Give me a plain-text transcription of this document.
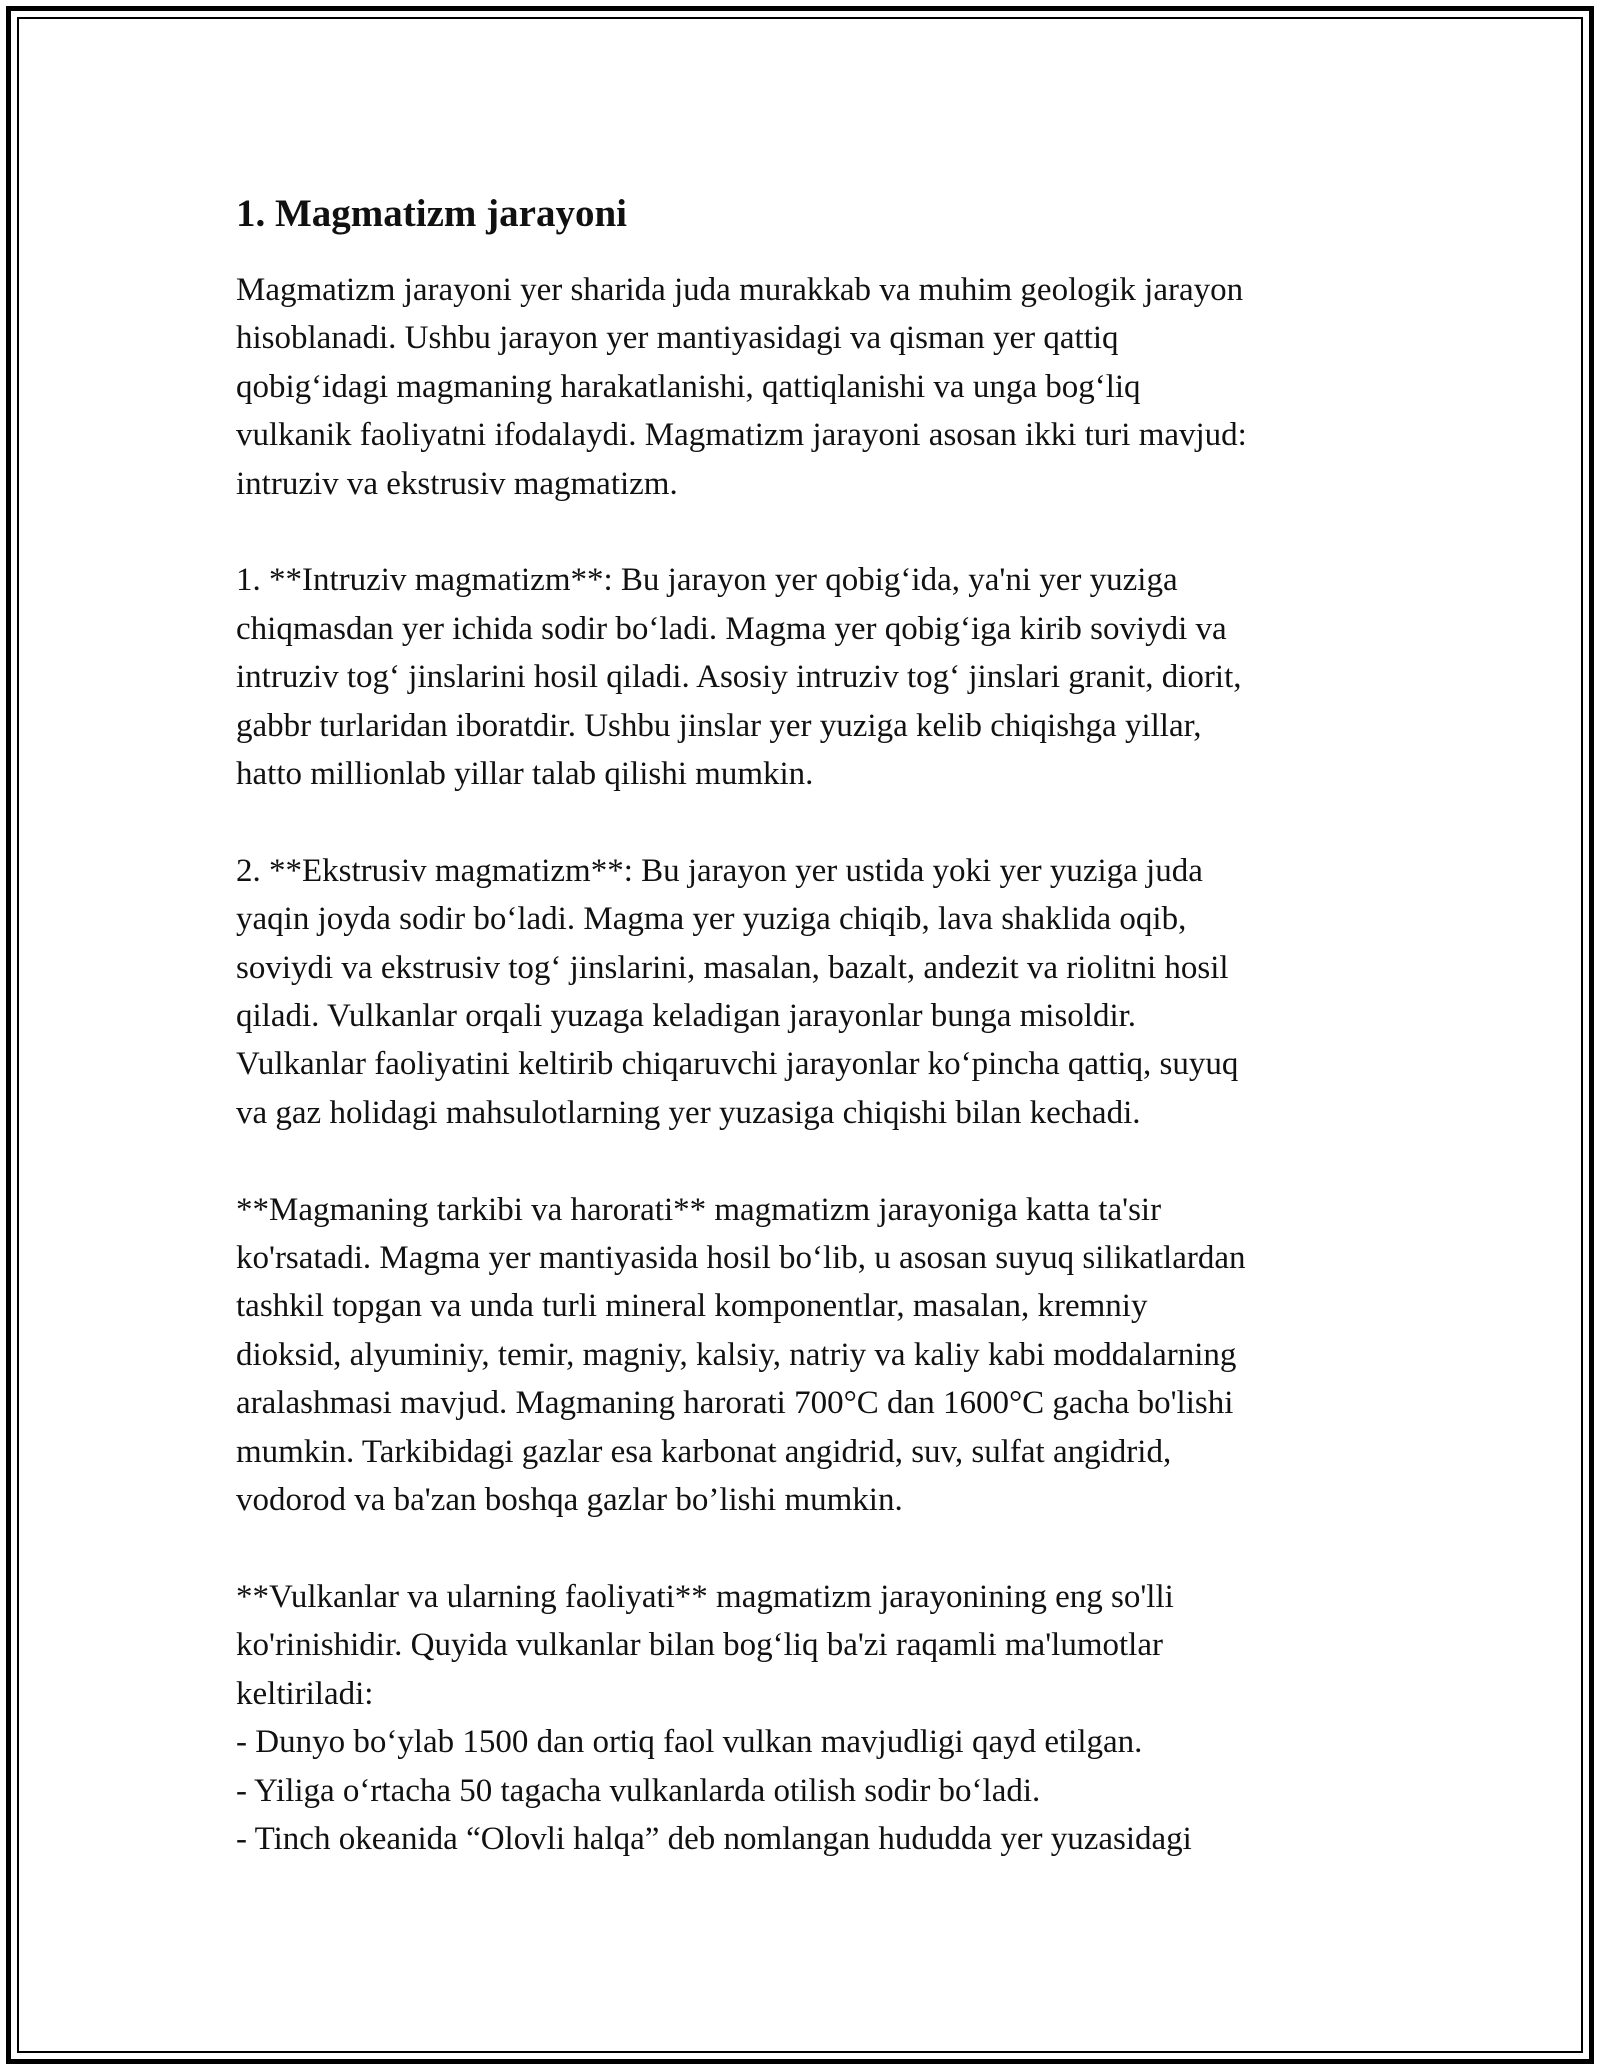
1. Magmatizm jarayoni

Magmatizm jarayoni yer sharida juda murakkab va muhim geologik jarayon
hisoblanadi. Ushbu jarayon yer mantiyasidagi va qisman yer qattiq
qobig‘idagi magmaning harakatlanishi, qattiqlanishi va unga bog‘liq
vulkanik faoliyatni ifodalaydi. Magmatizm jarayoni asosan ikki turi mavjud:
intruziv va ekstrusiv magmatizm.

1. **Intruziv magmatizm**: Bu jarayon yer qobig‘ida, ya'ni yer yuziga
chiqmasdan yer ichida sodir bo‘ladi. Magma yer qobig‘iga kirib soviydi va
intruziv tog‘ jinslarini hosil qiladi. Asosiy intruziv tog‘ jinslari granit, diorit,
gabbr turlaridan iboratdir. Ushbu jinslar yer yuziga kelib chiqishga yillar,
hatto millionlab yillar talab qilishi mumkin.

2. **Ekstrusiv magmatizm**: Bu jarayon yer ustida yoki yer yuziga juda
yaqin joyda sodir bo‘ladi. Magma yer yuziga chiqib, lava shaklida oqib,
soviydi va ekstrusiv tog‘ jinslarini, masalan, bazalt, andezit va riolitni hosil
qiladi. Vulkanlar orqali yuzaga keladigan jarayonlar bunga misoldir.
Vulkanlar faoliyatini keltirib chiqaruvchi jarayonlar ko‘pincha qattiq, suyuq
va gaz holidagi mahsulotlarning yer yuzasiga chiqishi bilan kechadi.

**Magmaning tarkibi va harorati** magmatizm jarayoniga katta ta'sir
ko'rsatadi. Magma yer mantiyasida hosil bo‘lib, u asosan suyuq silikatlardan
tashkil topgan va unda turli mineral komponentlar, masalan, kremniy
dioksid, alyuminiy, temir, magniy, kalsiy, natriy va kaliy kabi moddalarning
aralashmasi mavjud. Magmaning harorati 700°C dan 1600°C gacha bo'lishi
mumkin. Tarkibidagi gazlar esa karbonat angidrid, suv, sulfat angidrid,
vodorod va ba'zan boshqa gazlar bo’lishi mumkin.

**Vulkanlar va ularning faoliyati** magmatizm jarayonining eng so'lli
ko'rinishidir. Quyida vulkanlar bilan bog‘liq ba'zi raqamli ma'lumotlar
keltiriladi:

- Dunyo bo‘ylab 1500 dan ortiq faol vulkan mavjudligi qayd etilgan.
- Yiliga o‘rtacha 50 tagacha vulkanlarda otilish sodir bo‘ladi.
- Tinch okeanida “Olovli halqa” deb nomlangan hududda yer yuzasidagi
